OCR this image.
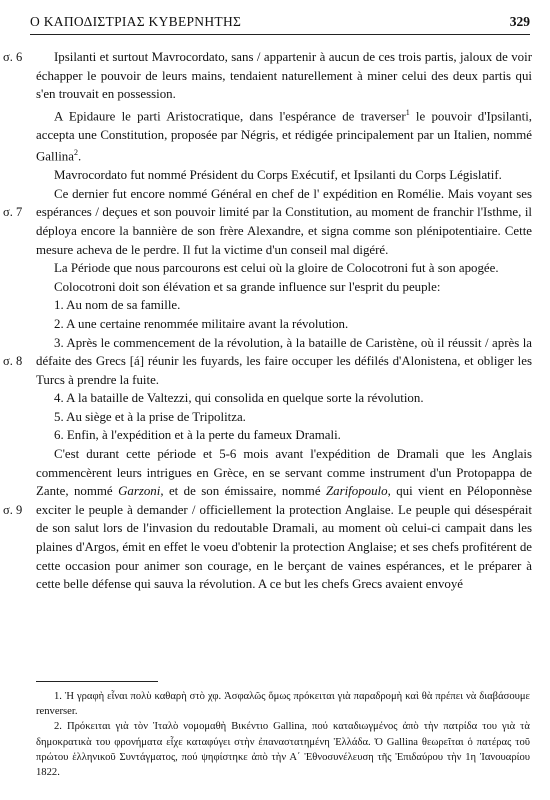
Ο ΚΑΠΟΔΙΣΤΡΙΑΣ ΚΥΒΕΡΝΗΤΗΣ	329

σ. 6 Ipsilanti et surtout Mavrocordato, sans / appartenir à aucun de ces trois partis, jaloux de voir échapper le pouvoir de leurs mains, tendaient naturellement à miner celui des deux partis qui s'en trouvait en possession.

A Epidaure le parti Aristocratique, dans l'espérance de traverser$^1$ le pouvoir d'Ipsilanti, accepta une Constitution, proposée par Négris, et rédigée principalement par un Italien, nommé Gallina$^2$.

Mavrocordato fut nommé Président du Corps Exécutif, et Ipsilanti du Corps Législatif.

σ. 7
Ce dernier fut encore nommé Général en chef de l' expédition en Romélie. Mais voyant ses espérances / deçues et son pouvoir limité par la Constitution, au moment de franchir l'Isthme, il déploya encore la bannière de son frère Alexandre, et signa comme son plénipotentiaire. Cette mesure acheva de le perdre. Il fut la victime d'un conseil mal digéré.

La Période que nous parcourons est celui où la gloire de Colocotroni fut à son apogée.

Colocotroni doit son élévation et sa grande influence sur l'esprit du peuple:

1. Au nom de sa famille.

2. A une certaine renommée militaire avant la révolution.

σ. 8
3. Après le commencement de la révolution, à la bataille de Caristène, où il réussit / après la défaite des Grecs [á] réunir les fuyards, les faire occuper les défilés d'Alonistena, et obliger les Turcs à prendre la fuite.

4. A la bataille de Valtezzi, qui consolida en quelque sorte la révolution.

5. Au siège et à la prise de Tripolitza.

6. Enfin, à l'expédition et à la perte du fameux Dramali.

σ. 9
C'est durant cette période et 5-6 mois avant l'expédition de Dramali que les Anglais commencèrent leurs intrigues en Grèce, en se servant comme instrument d'un Protopappa de Zante, nommé Garzoni, et de son émissaire, nommé Zarifopoulo, qui vient en Péloponnèse exciter le peuple à demander / officiellement la protection Anglaise. Le peuple qui désespérait de son salut lors de l'invasion du redoutable Dramali, au moment où celui-ci campait dans les plaines d'Argos, émit en effet le voeu d'obtenir la protection Anglaise; et ses chefs profitérent de cette occasion pour animer son courage, en le berçant de vaines espérances, et le préparer à cette belle défense qui sauva la révolution. A ce but les chefs Grecs avaient envoyé

1. Ἡ γραφὴ εἶναι πολὺ καθαρὴ στὸ χφ. Ἀσφαλῶς ὅμως πρόκειται γιὰ παραδρομὴ καὶ θὰ πρέπει νὰ διαβάσουμε renverser.

2. Πρόκειται γιὰ τὸν Ἰταλὸ νομομαθὴ Βικέντιο Gallina, πού καταδιωγμένος ἀπὸ τὴν πατρίδα του γιὰ τὰ δημοκρατικὰ του φρονήματα εἶχε καταφύγει στὴν ἐπαναστατημένη Ἑλλάδα. Ὁ Gallina θεωρεῖται ὁ πατέρας τοῦ πρώτου ἑλληνικοῦ Συντάγματος, πού ψηφίστηκε ἀπὸ τὴν Α΄ Ἐθνοσυνέλευση τῆς Ἐπιδαύρου τὴν 1η Ἰανουαρίου 1822.
